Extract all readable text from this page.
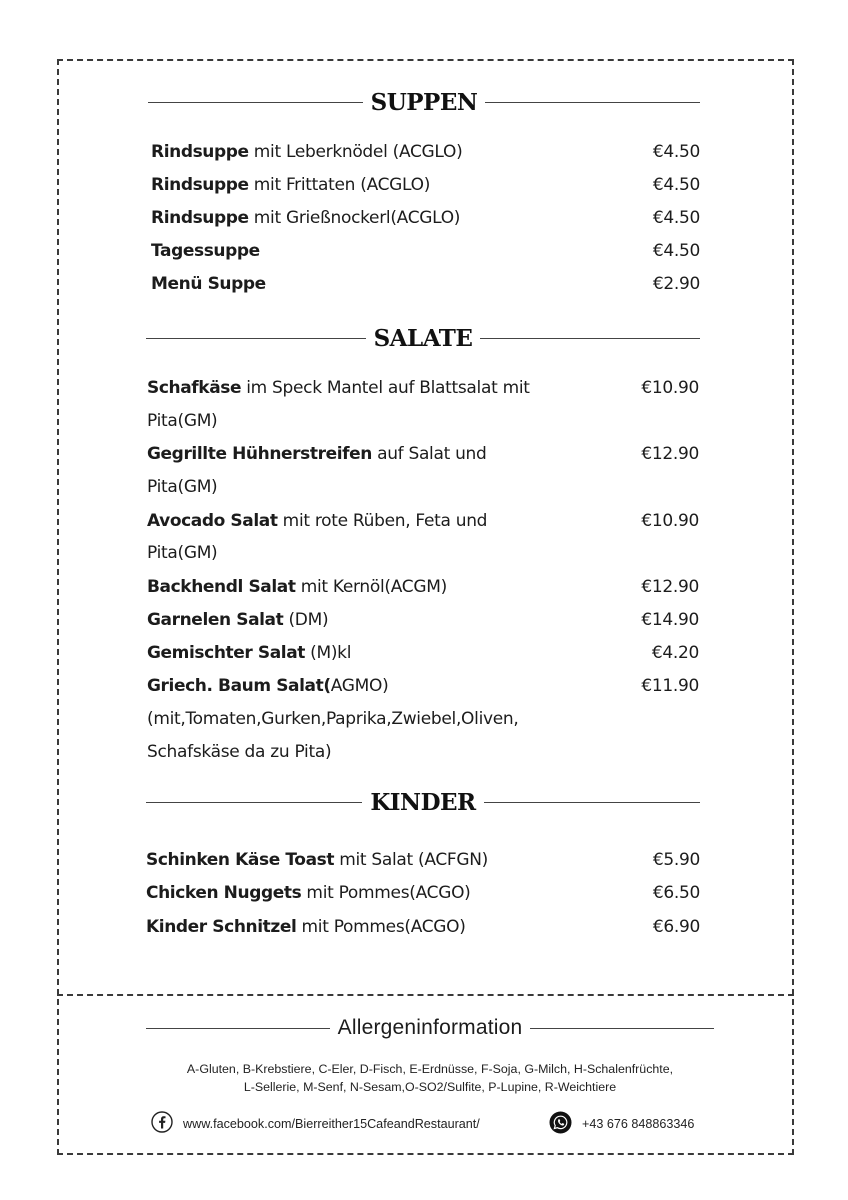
SUPPEN
Rindsuppe mit Leberknödel (ACGLO)	€4.50
Rindsuppe mit Frittaten (ACGLO)	€4.50
Rindsuppe mit Grießnockerl(ACGLO)	€4.50
Tagessuppe	€4.50
Menü Suppe	€2.90
SALATE
Schafkäse im Speck Mantel auf Blattsalat mit
Pita(GM)
€10.90
Gegrillte Hühnerstreifen auf Salat und
Pita(GM)
€12.90
Avocado Salat mit rote Rüben, Feta und
Pita(GM)
€10.90
Backhendl Salat mit Kernöl(ACGM)	€12.90
Garnelen Salat (DM)	€14.90
Gemischter Salat (M)kl	€4.20
Griech. Baum Salat(AGMO)
(mit,Tomaten,Gurken,Paprika,Zwiebel,Oliven,
Schafskäse da zu Pita)
€11.90
KINDER
Schinken Käse Toast mit Salat (ACFGN)	€5.90
Chicken Nuggets mit Pommes(ACGO)	€6.50
Kinder Schnitzel mit Pommes(ACGO)	€6.90
Allergeninformation
A-Gluten, B-Krebstiere, C-Eler, D-Fisch, E-Erdnüsse, F-Soja, G-Milch, H-Schalenfrüchte,
L-Sellerie, M-Senf, N-Sesam,O-SO2/Sulfite, P-Lupine, R-Weichtiere
www.facebook.com/Bierreither15CafeandRestaurant/	+43 676 848863346
